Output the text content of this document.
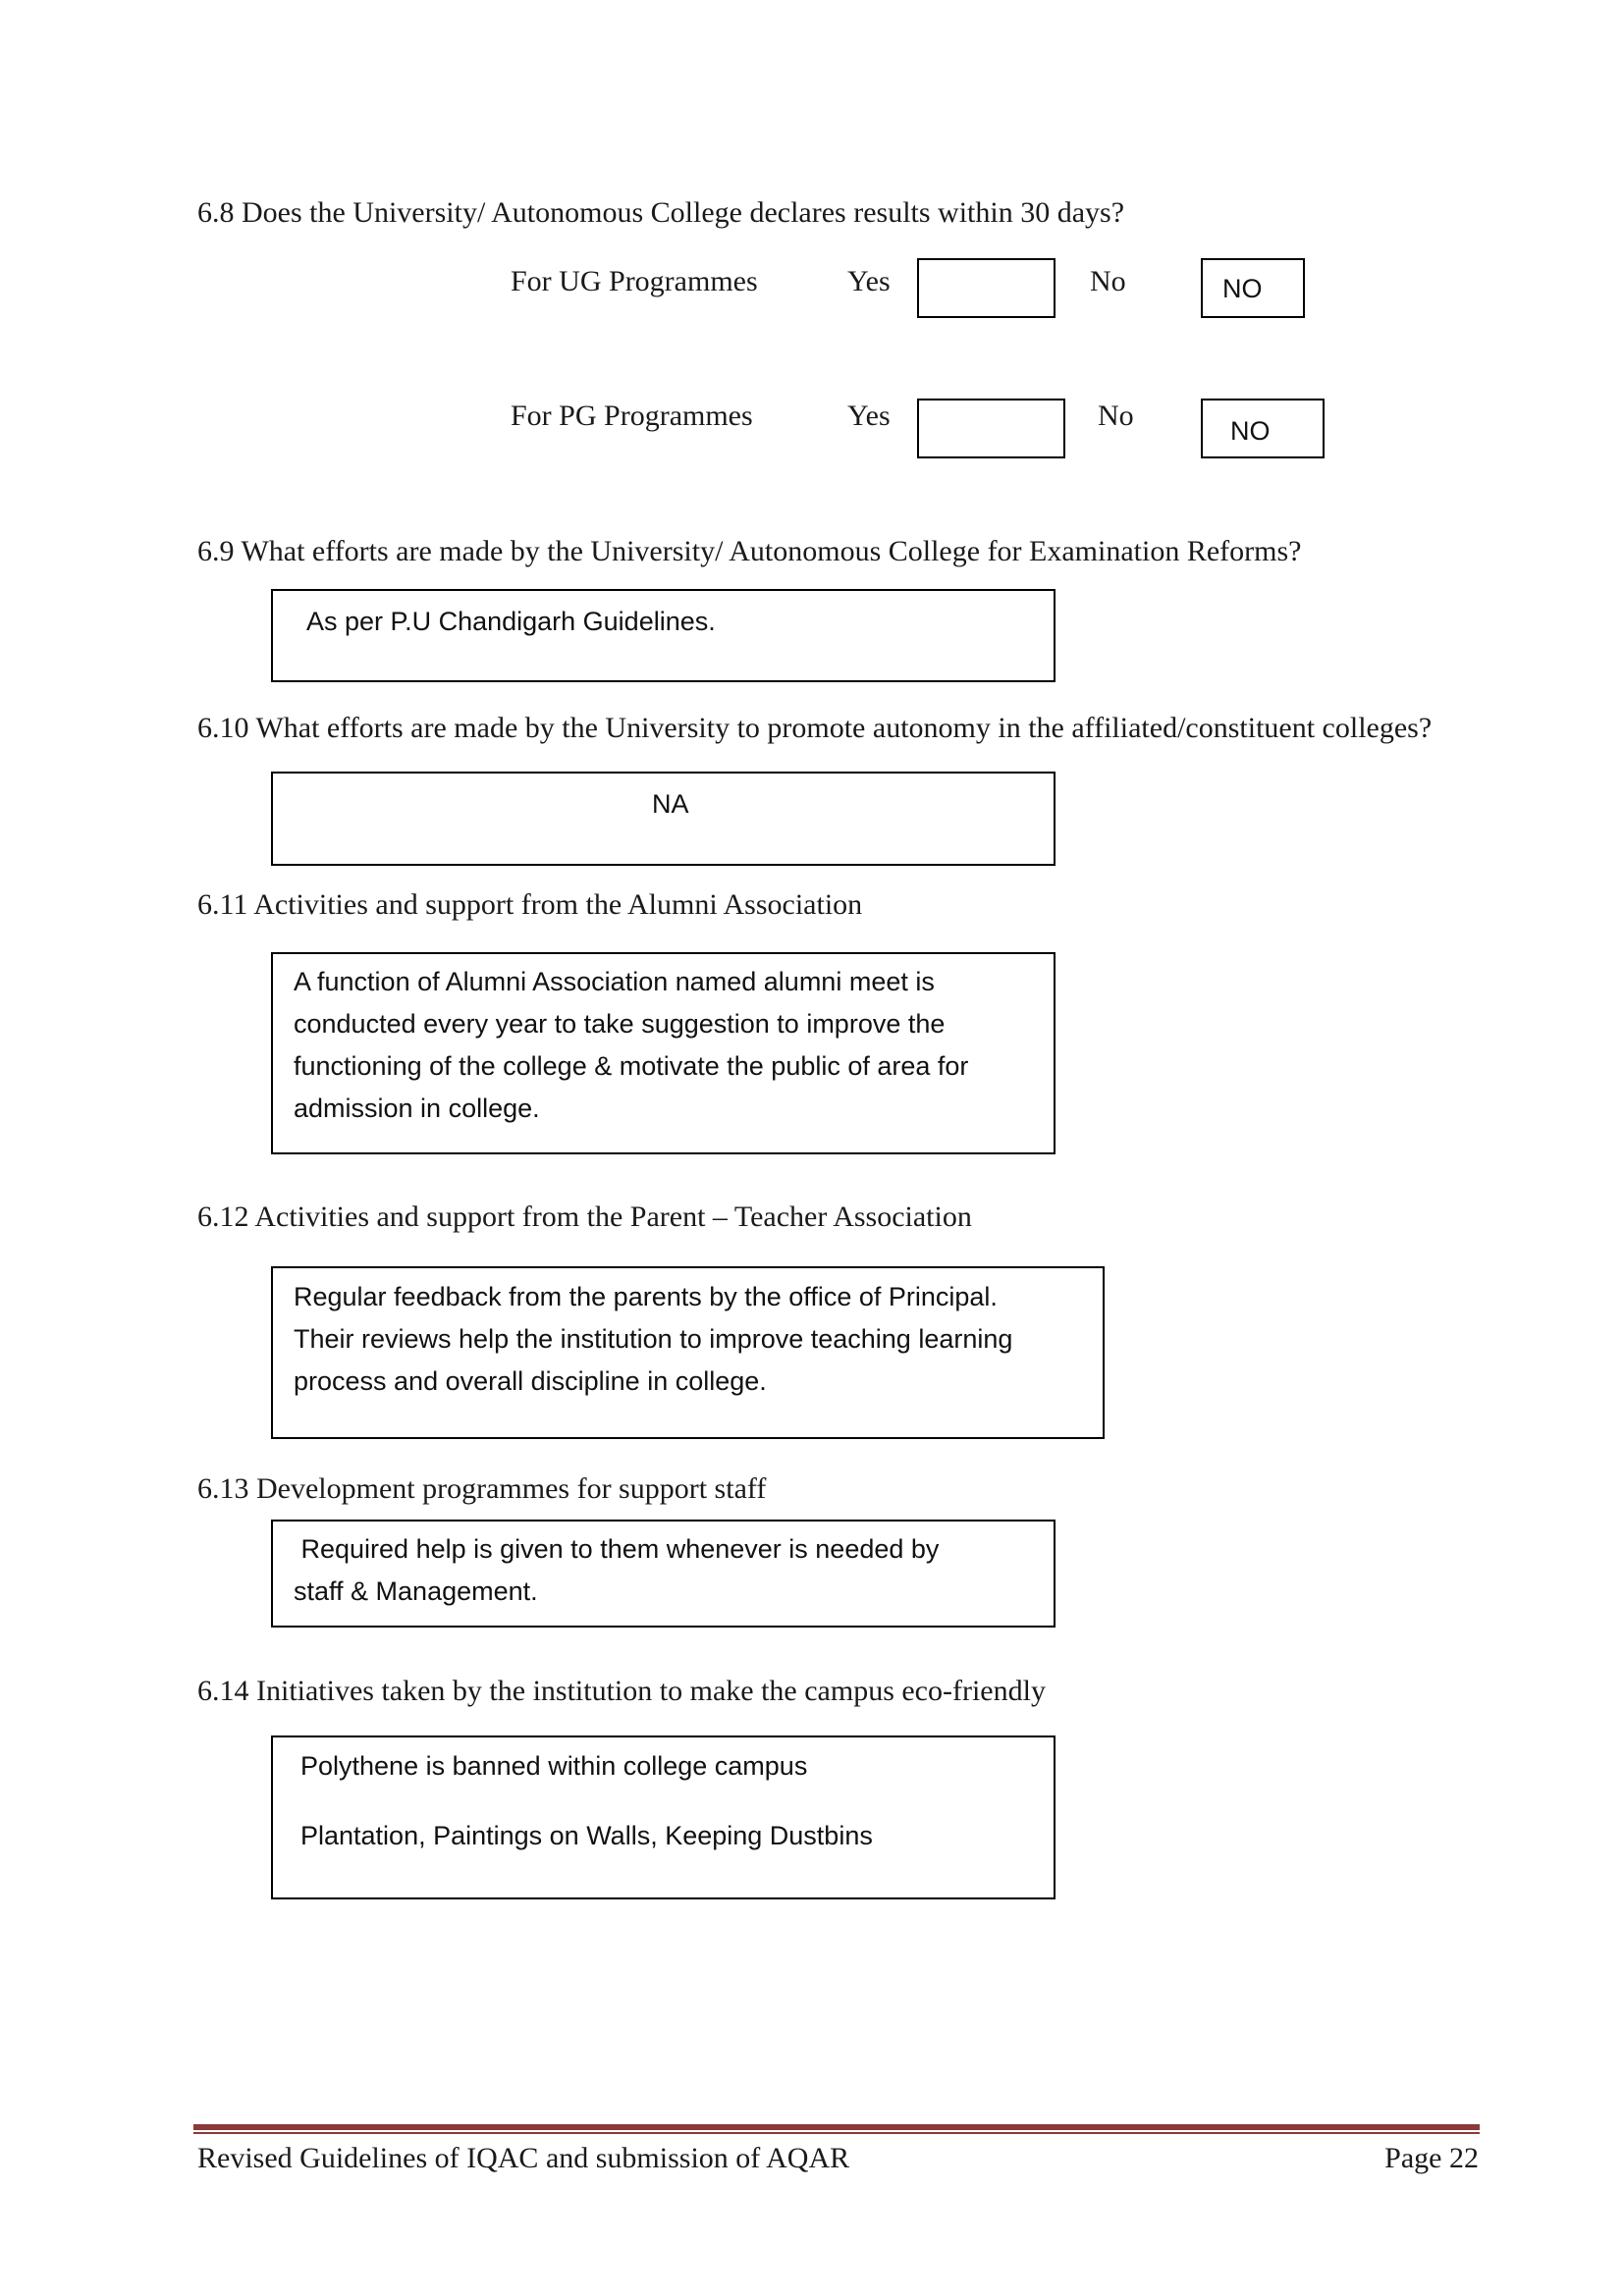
6.8 Does the University/ Autonomous College declares results within 30 days?
For UG Programmes	Yes	No	NO
For PG Programmes	Yes	No	NO
6.9 What efforts are made by the University/ Autonomous College for Examination Reforms?
As per P.U Chandigarh Guidelines.
6.10 What efforts are made by the University to promote autonomy in the affiliated/constituent colleges?
NA
6.11 Activities and support from the Alumni Association
A function of Alumni Association named alumni meet is
conducted every year to take suggestion to improve the
functioning of the college & motivate the public of area for
admission in college.
6.12 Activities and support from the Parent – Teacher Association
Regular feedback from the parents by the office of Principal.
Their reviews help the institution to improve teaching learning
process and overall discipline in college.
6.13 Development programmes for support staff
Required help is given to them whenever is needed by
staff & Management.
6.14 Initiatives taken by the institution to make the campus eco-friendly
Polythene is banned within college campus
Plantation, Paintings on Walls, Keeping Dustbins
Revised Guidelines of IQAC and submission of AQAR	Page 22
